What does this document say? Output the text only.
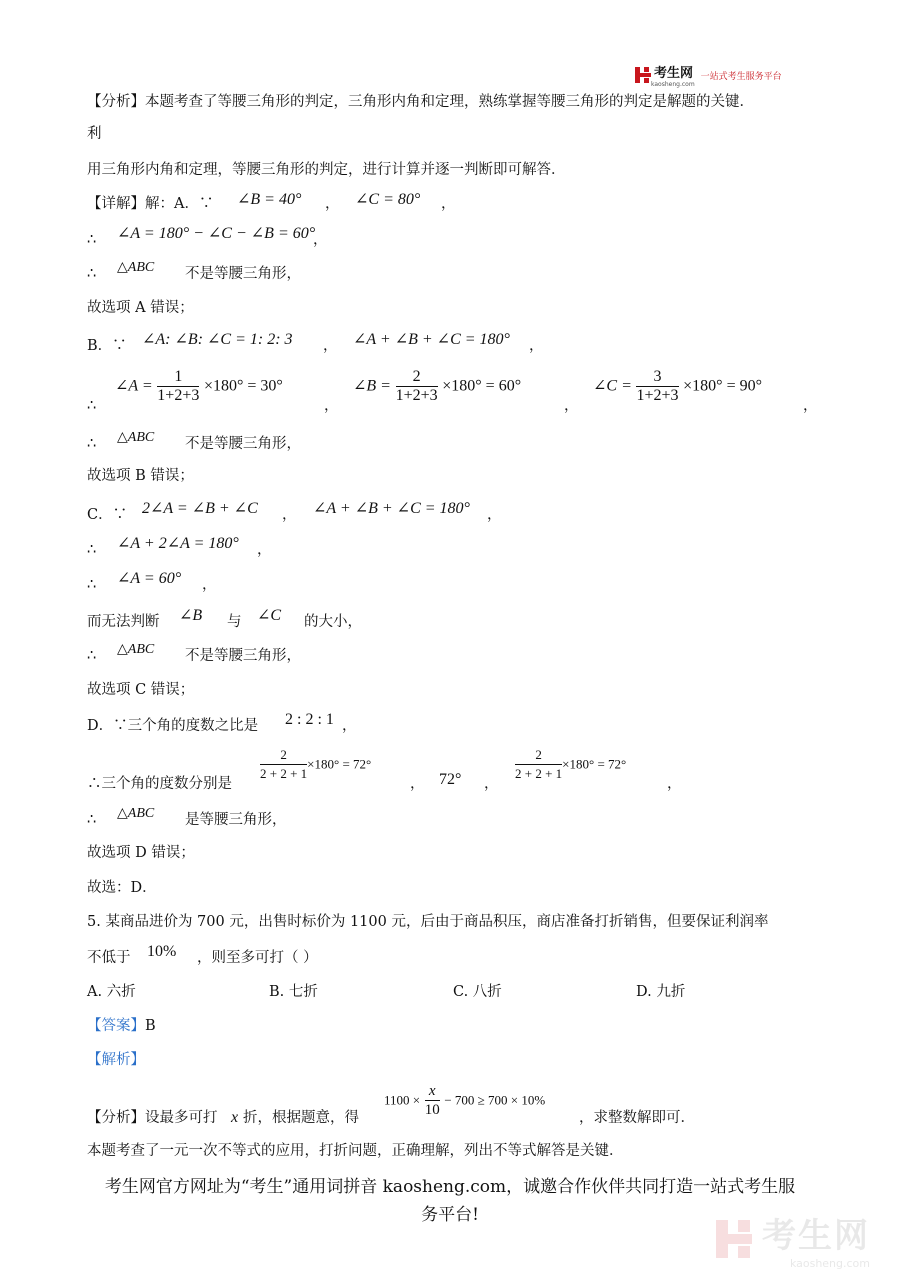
考生网
kaosheng.com
一站式考生服务平台
【分析】本题考查了等腰三角形的判定，三角形内角和定理，熟练掌握等腰三角形的判定是解题的关键．
利
用三角形内角和定理，等腰三角形的判定，进行计算并逐一判断即可解答．
【详解】解：A．∵ ∠B = 40° ， ∠C = 80° ，
∴ ∠A = 180° − ∠C − ∠B = 60°
，
∴ △ABC 不是等腰三角形，
故选项 A 错误；
B．∵ ∠A: ∠B: ∠C = 1: 2: 3 ， ∠A + ∠B + ∠C = 180° ，
∴
∠A = $\frac{1}{1+2+3} \times 180^\circ = 30^\circ$
，
∠B = $\frac{2}{1+2+3} \times 180^\circ = 60^\circ$
，
∠C = $\frac{3}{1+2+3} \times 180^\circ = 90^\circ$
，
∴ △ABC 不是等腰三角形，
故选项 B 错误；
C．∵ 2∠A = ∠B + ∠C ， ∠A + ∠B + ∠C = 180° ，
∴ ∠A + 2∠A = 180° ，
∴ ∠A = 60° ，
而无法判断 ∠B 与 ∠C 的大小，
∴ △ABC 不是等腰三角形，
故选项 C 错误；
D．∵三个角的度数之比是 2 : 2 : 1 ，
∴三个角的度数分别是
$\frac{2}{2 + 2 + 1} \times 180^\circ = 72^\circ$
， 72° ，
$\frac{2}{2 + 2 + 1} \times 180^\circ = 72^\circ$
，
∴ △ABC 是等腰三角形，
故选项 D 错误；
故选：D．
5. 某商品进价为 700 元，出售时标价为 1100 元，后由于商品积压，商店准备打折销售，但要保证利润率
不低于 10% ，则至多可打（ ）
A. 六折	B. 七折	C. 八折	D. 九折
【答案】B
【解析】
【分析】设最多可打 x 折，根据题意，得
$1100 \times \frac{x}{10} - 700 \ge 700 \times 10\%$
，求整数解即可．
本题考查了一元一次不等式的应用，打折问题，正确理解，列出不等式解答是关键．
考生网官方网址为“考生”通用词拼音 kaosheng.com，诚邀合作伙伴共同打造一站式考生服
务平台!
考生网
kaosheng.com
